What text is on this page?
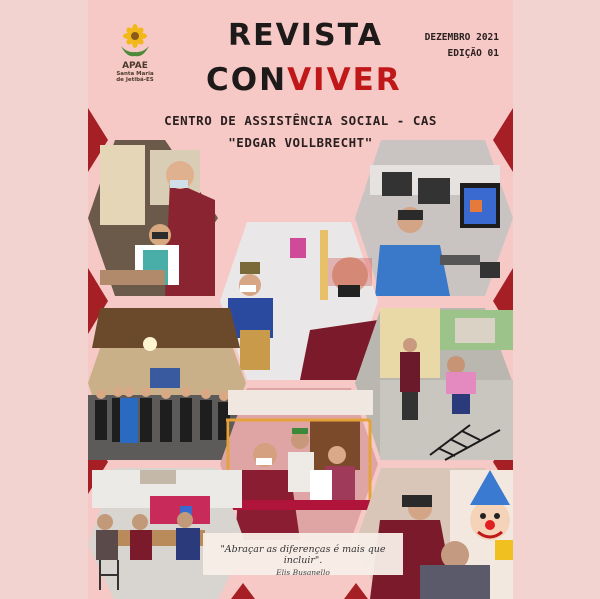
APAE
Santa Maria
de Jetibá-ES
REVISTA
CONVIVER
DEZEMBRO 2021
EDIÇÃO 01
CENTRO DE ASSISTÊNCIA SOCIAL - CAS
"EDGAR VOLLBRECHT"
"Abraçar as diferenças é mais que incluir".
Elis Busanello
